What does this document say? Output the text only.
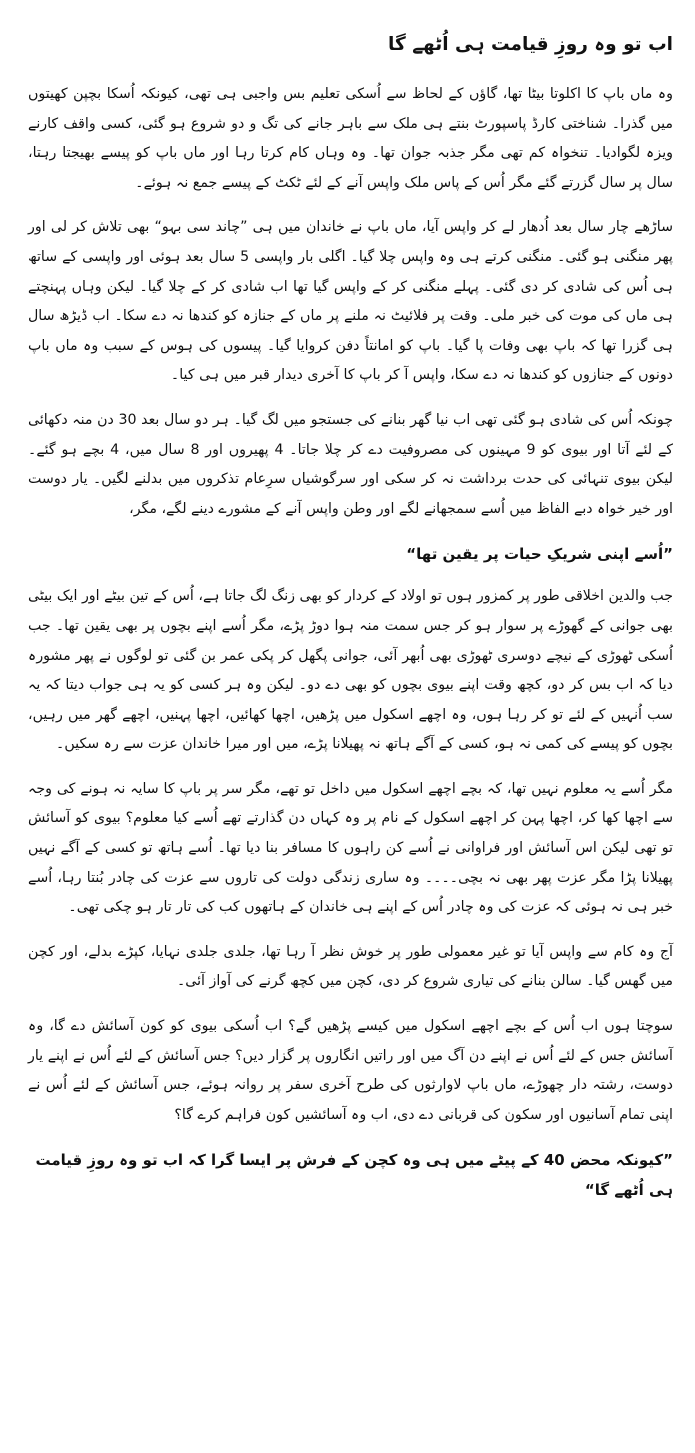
اب تو وہ روزِ قیامت ہی اُٹھے گا

وہ ماں باپ کا اکلوتا بیٹا تھا، گاؤں کے لحاظ سے اُسکی تعلیم بس واجبی ہی تھی، کیونکہ اُسکا بچپن کھیتوں میں گذرا۔ شناختی کارڈ پاسپورٹ بنتے ہی ملک سے باہر جانے کی تگ و دو شروع ہو گئی، کسی واقف کارنے ویزہ لگوادیا۔ تنخواہ کم تھی مگر جذبہ جوان تھا۔ وہ وہاں کام کرتا رہا اور ماں باپ کو پیسے بھیجتا رہتا، سال پر سال گزرتے گئے مگر اُس کے پاس ملک واپس آنے کے لئے ٹکٹ کے پیسے جمع نہ ہوئے۔

ساڑھے چار سال بعد اُدھار لے کر واپس آیا، ماں باپ نے خاندان میں ہی ”چاند سی بہو“ بھی تلاش کر لی اور پھر منگنی ہو گئی۔ منگنی کرتے ہی وہ واپس چلا گیا۔ اگلی بار واپسی 5 سال بعد ہوئی اور واپسی کے ساتھ ہی اُس کی شادی کر دی گئی۔ پہلے منگنی کر کے واپس گیا تھا اب شادی کر کے چلا گیا۔ لیکن وہاں پہنچتے ہی ماں کی موت کی خبر ملی۔ وقت پر فلائیٹ نہ ملنے پر ماں کے جنازہ کو کندھا نہ دے سکا۔ اب ڈیڑھ سال ہی گزرا تھا کہ باپ بھی وفات پا گیا۔ باپ کو امانتاً دفن کروایا گیا۔ پیسوں کی ہوس کے سبب وہ ماں باپ دونوں کے جنازوں کو کندھا نہ دے سکا، واپس آ کر باپ کا آخری دیدار قبر میں ہی کیا۔

چونکہ اُس کی شادی ہو گئی تھی اب نیا گھر بنانے کی جستجو میں لگ گیا۔ ہر دو سال بعد 30 دن منہ دکھائی کے لئے آتا اور بیوی کو 9 مہینوں کی مصروفیت دے کر چلا جاتا۔ 4 پھیروں اور 8 سال میں، 4 بچے ہو گئے۔ لیکن بیوی تنہائی کی حدت برداشت نہ کر سکی اور سرگوشیاں سرِعام تذکروں میں بدلنے لگیں۔ یار دوست اور خیر خواہ دبے الفاظ میں اُسے سمجھانے لگے اور وطن واپس آنے کے مشورے دینے لگے، مگر،

”اُسے اپنی شریکِ حیات پر یقین تھا“

جب والدین اخلاقی طور پر کمزور ہوں تو اولاد کے کردار کو بھی زنگ لگ جاتا ہے، اُس کے تین بیٹے اور ایک بیٹی بھی جوانی کے گھوڑے پر سوار ہو کر جس سمت منہ ہوا دوڑ پڑے، مگر اُسے اپنے بچوں پر بھی یقین تھا۔ جب اُسکی ٹھوڑی کے نیچے دوسری ٹھوڑی بھی اُبھر آئی، جوانی پگھل کر پکی عمر بن گئی تو لوگوں نے پھر مشورہ دیا کہ اب بس کر دو، کچھ وقت اپنے بیوی بچوں کو بھی دے دو۔ لیکن وہ ہر کسی کو یہ ہی جواب دیتا کہ یہ سب اُنہیں کے لئے تو کر رہا ہوں، وہ اچھے اسکول میں پڑھیں، اچھا کھائیں، اچھا پہنیں، اچھے گھر میں رہیں، بچوں کو پیسے کی کمی نہ ہو، کسی کے آگے ہاتھ نہ پھیلانا پڑے، میں اور میرا خاندان عزت سے رہ سکیں۔

مگر اُسے یہ معلوم نہیں تھا، کہ بچے اچھے اسکول میں داخل تو تھے، مگر سر پر باپ کا سایہ نہ ہونے کی وجہ سے اچھا کھا کر، اچھا پہن کر اچھے اسکول کے نام پر وہ کہاں دن گذارتے تھے اُسے کیا معلوم؟ بیوی کو آسائش تو تھی لیکن اس آسائش اور فراوانی نے اُسے کن راہوں کا مسافر بنا دیا تھا۔ اُسے ہاتھ تو کسی کے آگے نہیں پھیلانا پڑا مگر عزت پھر بھی نہ بچی۔۔۔۔ وہ ساری زندگی دولت کی تاروں سے عزت کی چادر بُنتا رہا، اُسے خبر ہی نہ ہوئی کہ عزت کی وہ چادر اُس کے اپنے ہی خاندان کے ہاتھوں کب کی تار تار ہو چکی تھی۔

آج وہ کام سے واپس آیا تو غیر معمولی طور پر خوش نظر آ رہا تھا، جلدی جلدی نہایا، کپڑے بدلے، اور کچن میں گھس گیا۔ سالن بنانے کی تیاری شروع کر دی، کچن میں کچھ گرنے کی آواز آئی۔

سوچتا ہوں اب اُس کے بچے اچھے اسکول میں کیسے پڑھیں گے؟ اب اُسکی بیوی کو کون آسائش دے گا، وہ آسائش جس کے لئے اُس نے اپنے دن آگ میں اور راتیں انگاروں پر گزار دیں؟ جس آسائش کے لئے اُس نے اپنے یار دوست، رشتہ دار چھوڑے، ماں باپ لاوارثوں کی طرح آخری سفر پر روانہ ہوئے، جس آسائش کے لئے اُس نے اپنی تمام آسانیوں اور سکون کی قربانی دے دی، اب وہ آسائشیں کون فراہم کرے گا؟

”کیونکہ محض 40 کے پیٹے میں ہی وہ کچن کے فرش پر ایسا گرا کہ اب تو وہ روزِ قیامت ہی اُٹھے گا“
